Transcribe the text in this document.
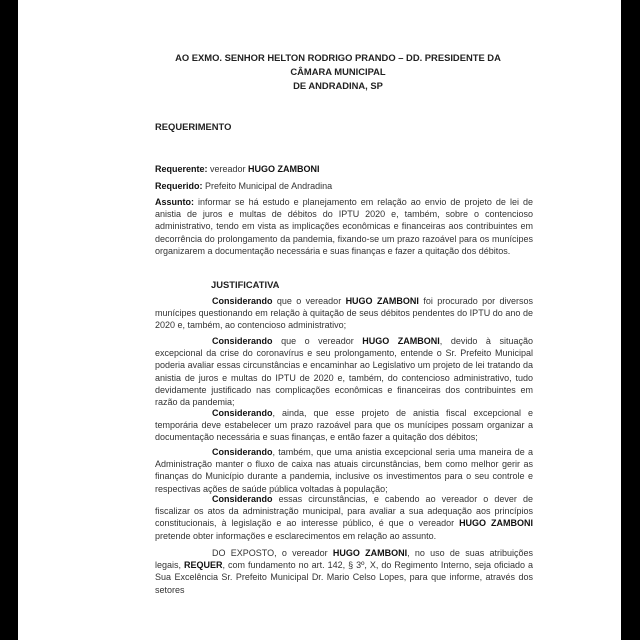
AO EXMO. SENHOR HELTON RODRIGO PRANDO – DD. PRESIDENTE DA CÂMARA MUNICIPAL
DE ANDRADINA, SP
REQUERIMENTO
Requerente: vereador HUGO ZAMBONI
Requerido: Prefeito Municipal de Andradina
Assunto: informar se há estudo e planejamento em relação ao envio de projeto de lei de anistia de juros e multas de débitos do IPTU 2020 e, também, sobre o contencioso administrativo, tendo em vista as implicações econômicas e financeiras aos contribuintes em decorrência do prolongamento da pandemia, fixando-se um prazo razoável para os munícipes organizarem a documentação necessária e suas finanças e fazer a quitação dos débitos.
JUSTIFICATIVA
Considerando que o vereador HUGO ZAMBONI foi procurado por diversos munícipes questionando em relação à quitação de seus débitos pendentes do IPTU do ano de 2020 e, também, ao contencioso administrativo;
Considerando que o vereador HUGO ZAMBONI, devido à situação excepcional da crise do coronavírus e seu prolongamento, entende o Sr. Prefeito Municipal poderia avaliar essas circunstâncias e encaminhar ao Legislativo um projeto de lei tratando da anistia de juros e multas do IPTU de 2020 e, também, do contencioso administrativo, tudo devidamente justificado nas complicações econômicas e financeiras dos contribuintes em razão da pandemia;
Considerando, ainda, que esse projeto de anistia fiscal excepcional e temporária deve estabelecer um prazo razoável para que os munícipes possam organizar a documentação necessária e suas finanças, e então fazer a quitação dos débitos;
Considerando, também, que uma anistia excepcional seria uma maneira de a Administração manter o fluxo de caixa nas atuais circunstâncias, bem como melhor gerir as finanças do Município durante a pandemia, inclusive os investimentos para o seu controle e respectivas ações de saúde pública voltadas à população;
Considerando essas circunstâncias, e cabendo ao vereador o dever de fiscalizar os atos da administração municipal, para avaliar a sua adequação aos princípios constitucionais, à legislação e ao interesse público, é que o vereador HUGO ZAMBONI pretende obter informações e esclarecimentos em relação ao assunto.
DO EXPOSTO, o vereador HUGO ZAMBONI, no uso de suas atribuições legais, REQUER, com fundamento no art. 142, § 3º, X, do Regimento Interno, seja oficiado a Sua Excelência Sr. Prefeito Municipal Dr. Mario Celso Lopes, para que informe, através dos setores
